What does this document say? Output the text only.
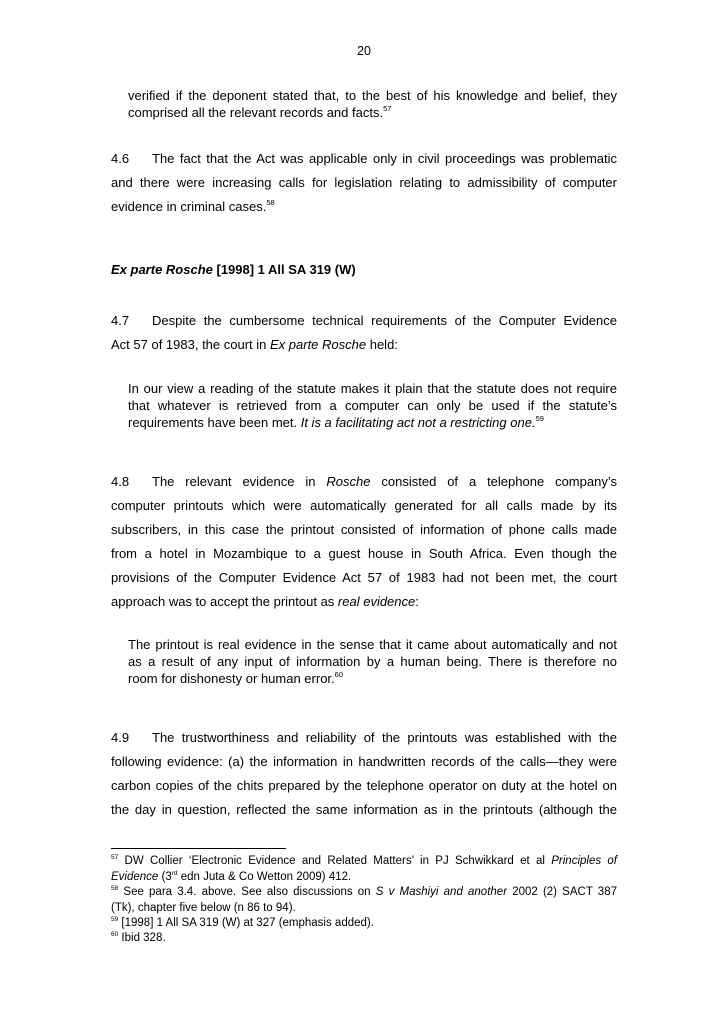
20
verified if the deponent stated that, to the best of his knowledge and belief, they
comprised all the relevant records and facts.$^{57}$
4.6 The fact that the Act was applicable only in civil proceedings was problematic
and there were increasing calls for legislation relating to admissibility of computer
evidence in criminal cases.$^{58}$
Ex parte Rosche [1998] 1 All SA 319 (W)
4.7 Despite the cumbersome technical requirements of the Computer Evidence
Act 57 of 1983, the court in Ex parte Rosche held:
In our view a reading of the statute makes it plain that the statute does not require
that whatever is retrieved from a computer can only be used if the statute’s
requirements have been met. It is a facilitating act not a restricting one.$^{59}$
4.8 The relevant evidence in Rosche consisted of a telephone company’s
computer printouts which were automatically generated for all calls made by its
subscribers, in this case the printout consisted of information of phone calls made
from a hotel in Mozambique to a guest house in South Africa. Even though the
provisions of the Computer Evidence Act 57 of 1983 had not been met, the court
approach was to accept the printout as real evidence:
The printout is real evidence in the sense that it came about automatically and not
as a result of any input of information by a human being. There is therefore no
room for dishonesty or human error.$^{60}$
4.9 The trustworthiness and reliability of the printouts was established with the
following evidence: (a) the information in handwritten records of the calls—they were
carbon copies of the chits prepared by the telephone operator on duty at the hotel on
the day in question, reflected the same information as in the printouts (although the
$^{57}$ DW Collier ‘Electronic Evidence and Related Matters’ in PJ Schwikkard et al Principles of
Evidence (3rd edn Juta & Co Wetton 2009) 412.
$^{58}$ See para 3.4. above. See also discussions on S v Mashiyi and another 2002 (2) SACT 387
(Tk), chapter five below (n 86 to 94).
$^{59}$ [1998] 1 All SA 319 (W) at 327 (emphasis added).
$^{60}$ Ibid 328.
